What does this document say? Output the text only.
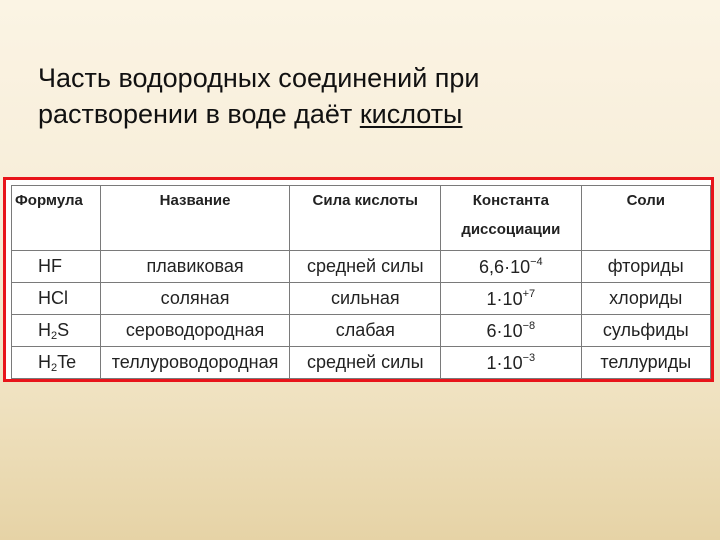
Часть водородных соединений при
растворении в воде даёт кислоты
Формула	Название	Сила кислоты	Константа диссоциации	Соли
HF	плавиковая	средней силы	$6,6\cdot 10^{-4}$	фториды
HCl	соляная	сильная	$1\cdot 10^{+7}$	хлориды
$H_2S$	сероводородная	слабая	$6\cdot 10^{-8}$	сульфиды
$H_2Te$	теллуроводородная	средней силы	$1\cdot 10^{-3}$	теллуриды
